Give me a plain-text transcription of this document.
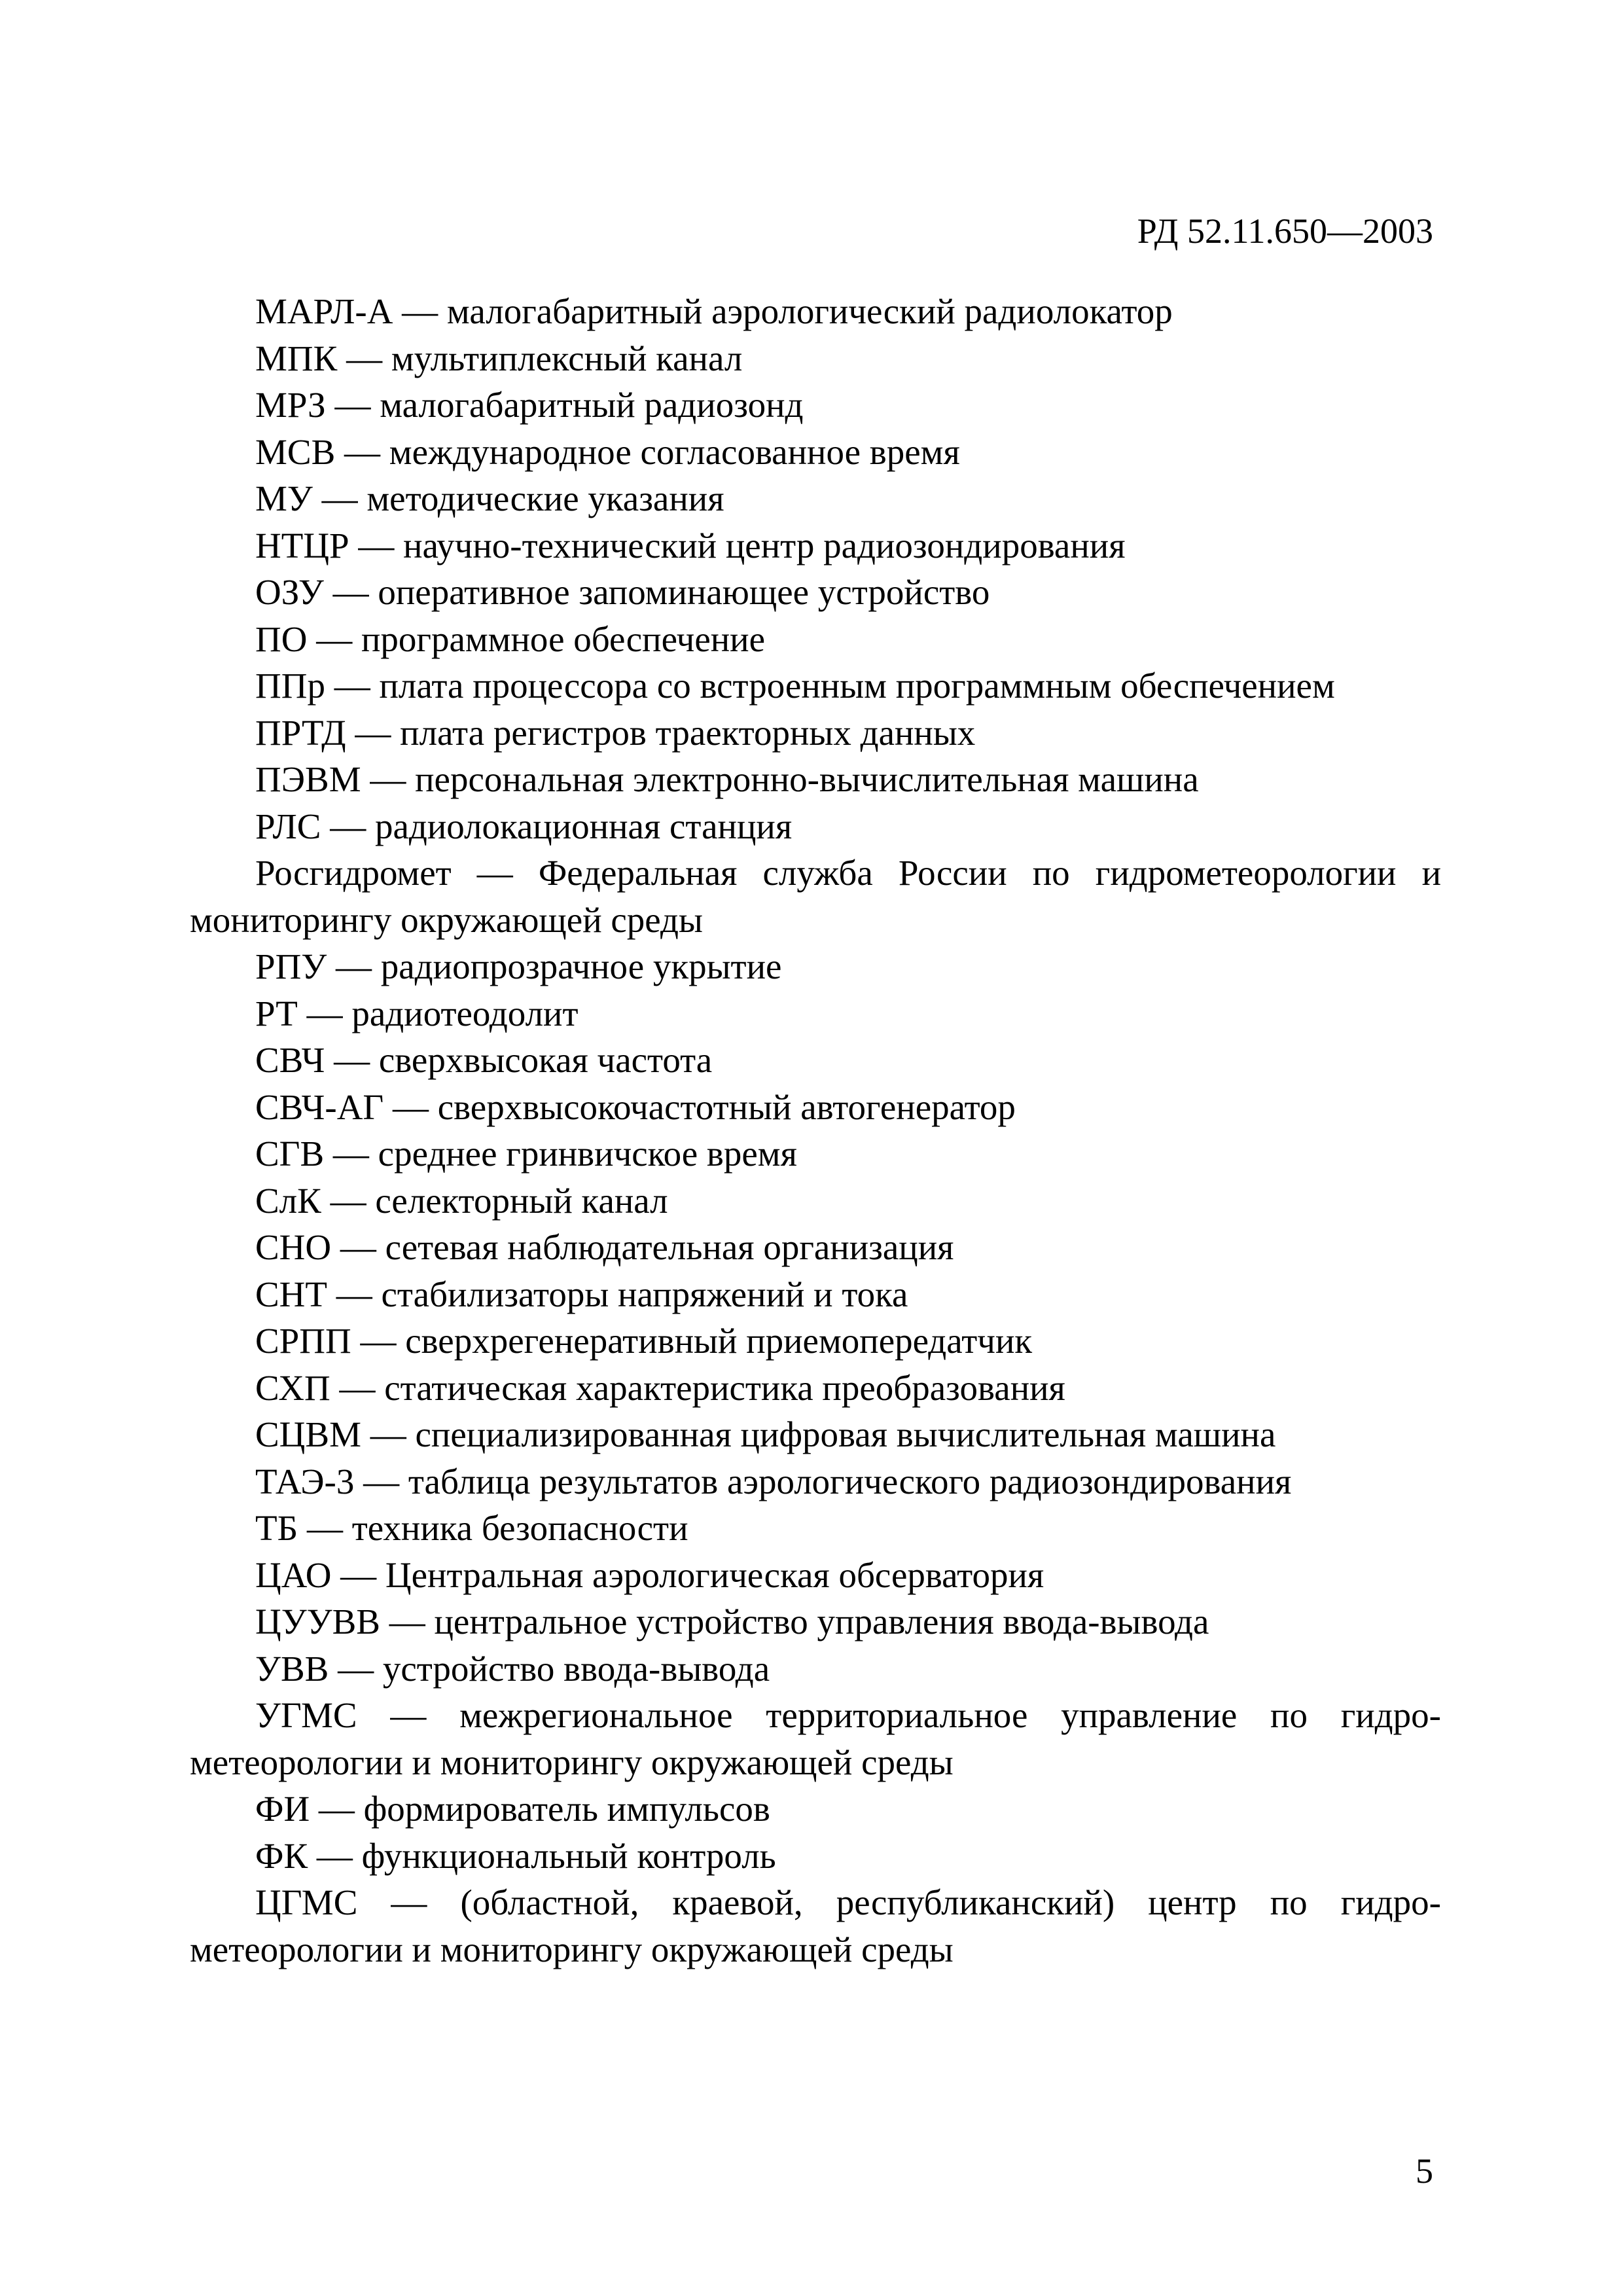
РД 52.11.650—2003

МАРЛ-А — малогабаритный аэрологический радиолокатор

МПК — мультиплексный канал

МРЗ — малогабаритный радиозонд

МСВ — международное согласованное время

МУ — методические указания

НТЦР — научно-технический центр радиозондирования

ОЗУ — оперативное запоминающее устройство

ПО — программное обеспечение

ППр — плата процессора со встроенным программным обеспечением

ПРТД — плата регистров траекторных данных

ПЭВМ — персональная электронно-вычислительная машина

РЛС — радиолокационная станция

Росгидромет — Федеральная служба России по гидрометеорологии и мониторингу окружающей среды

РПУ — радиопрозрачное укрытие

РТ — радиотеодолит

СВЧ — сверхвысокая частота

СВЧ-АГ — сверхвысокочастотный автогенератор

СГВ — среднее гринвичское время

СлК — селекторный канал

СНО — сетевая наблюдательная организация

СНТ — стабилизаторы напряжений и тока

СРПП — сверхрегенеративный приемопередатчик

СХП — статическая характеристика преобразования

СЦВМ — специализированная цифровая вычислительная машина

ТАЭ-3 — таблица результатов аэрологического радиозондирования

ТБ — техника безопасности

ЦАО — Центральная аэрологическая обсерватория

ЦУУВВ — центральное устройство управления ввода-вывода

УВВ — устройство ввода-вывода

УГМС — межрегиональное территориальное управление по гидрометеорологии и мониторингу окружающей среды

ФИ — формирователь импульсов

ФК — функциональный контроль

ЦГМС — (областной, краевой, республиканский) центр по гидрометеорологии и мониторингу окружающей среды

5
